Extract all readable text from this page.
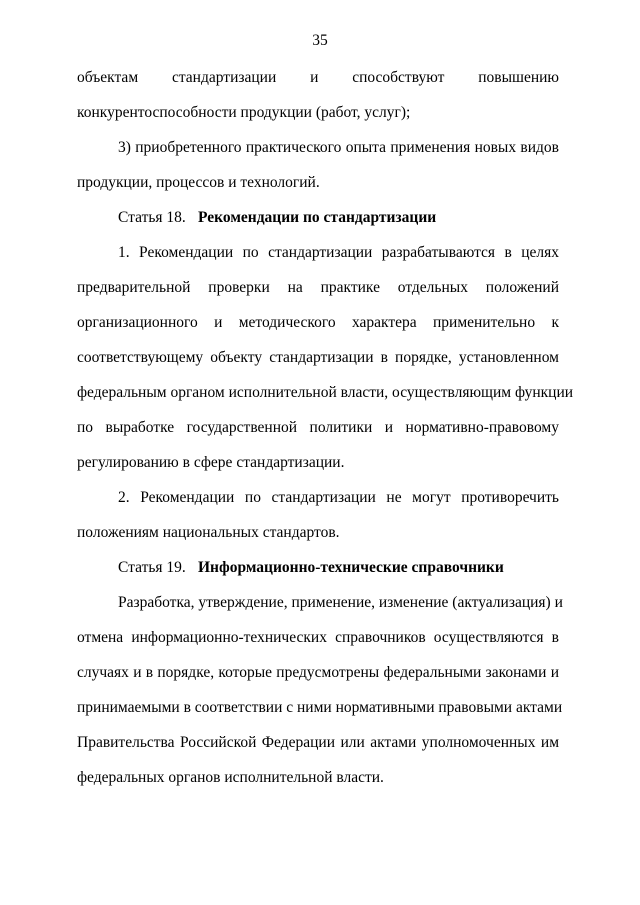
35
объектам стандартизации и способствуют повышению
конкурентоспособности продукции (работ, услуг);
3) приобретенного практического опыта применения новых видов
продукции, процессов и технологий.
Статья 18. Рекомендации по стандартизации
1. Рекомендации по стандартизации разрабатываются в целях
предварительной проверки на практике отдельных положений
организационного и методического характера применительно к
соответствующему объекту стандартизации в порядке, установленном
федеральным органом исполнительной власти, осуществляющим функции
по выработке государственной политики и нормативно-правовому
регулированию в сфере стандартизации.
2. Рекомендации по стандартизации не могут противоречить
положениям национальных стандартов.
Статья 19. Информационно-технические справочники
Разработка, утверждение, применение, изменение (актуализация) и
отмена информационно-технических справочников осуществляются в
случаях и в порядке, которые предусмотрены федеральными законами и
принимаемыми в соответствии с ними нормативными правовыми актами
Правительства Российской Федерации или актами уполномоченных им
федеральных органов исполнительной власти.
